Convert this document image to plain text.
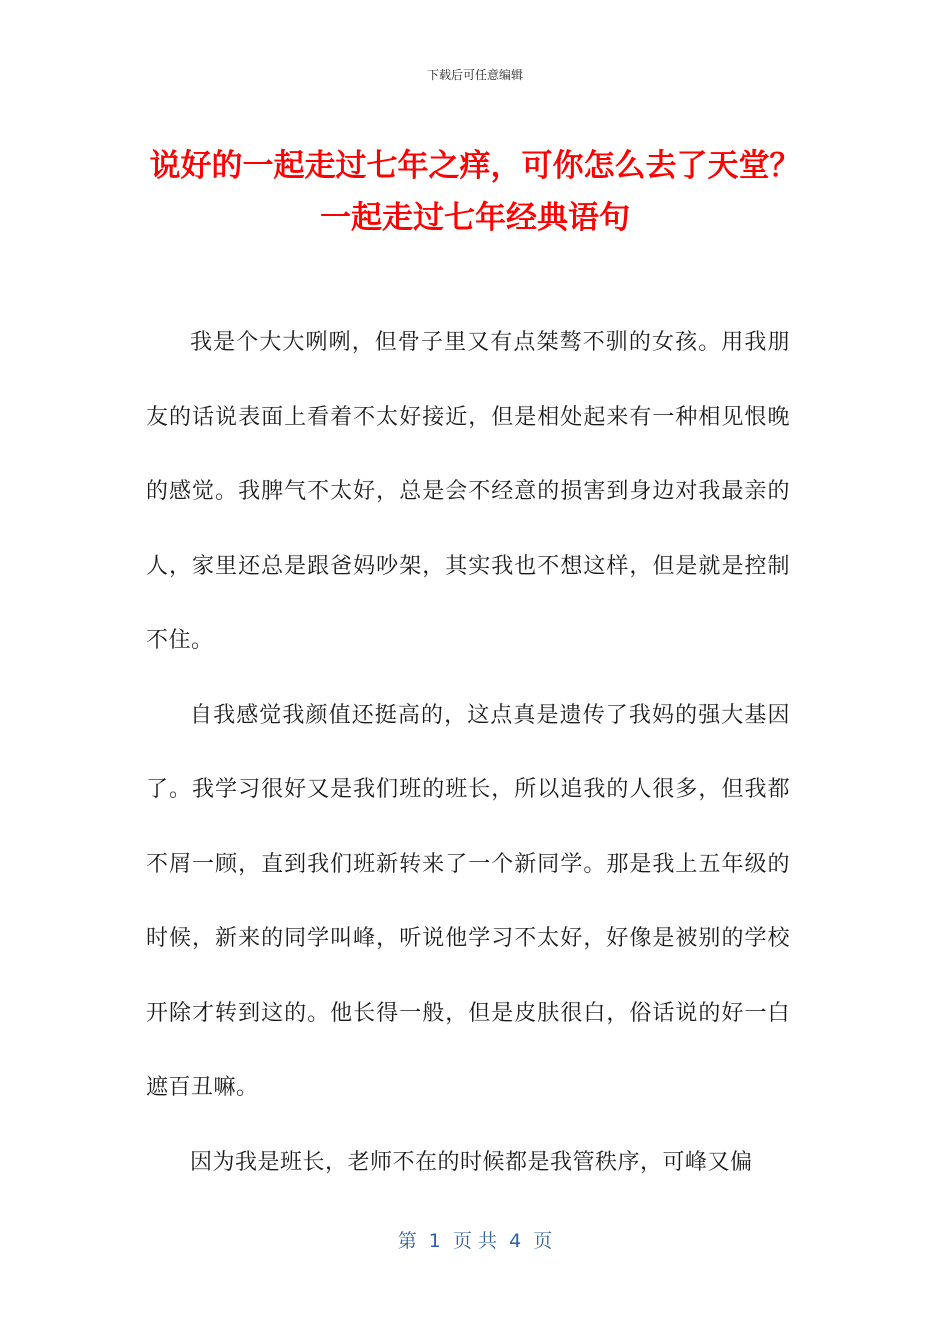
下载后可任意编辑
说好的一起走过七年之痒，可你怎么去了天堂？ 一起走过七年经典语句

我是个大大咧咧，但骨子里又有点桀骜不驯的女孩。用我朋友的话说表面上看着不太好接近，但是相处起来有一种相见恨晚的感觉。我脾气不太好，总是会不经意的损害到身边对我最亲的人，家里还总是跟爸妈吵架，其实我也不想这样，但是就是控制不住。

自我感觉我颜值还挺高的，这点真是遗传了我妈的强大基因了。我学习很好又是我们班的班长，所以追我的人很多，但我都不屑一顾，直到我们班新转来了一个新同学。那是我上五年级的时候，新来的同学叫峰，听说他学习不太好，好像是被别的学校开除才转到这的。他长得一般，但是皮肤很白，俗话说的好一白遮百丑嘛。

因为我是班长，老师不在的时候都是我管秩序，可峰又偏

第  1  页 共  4  页
